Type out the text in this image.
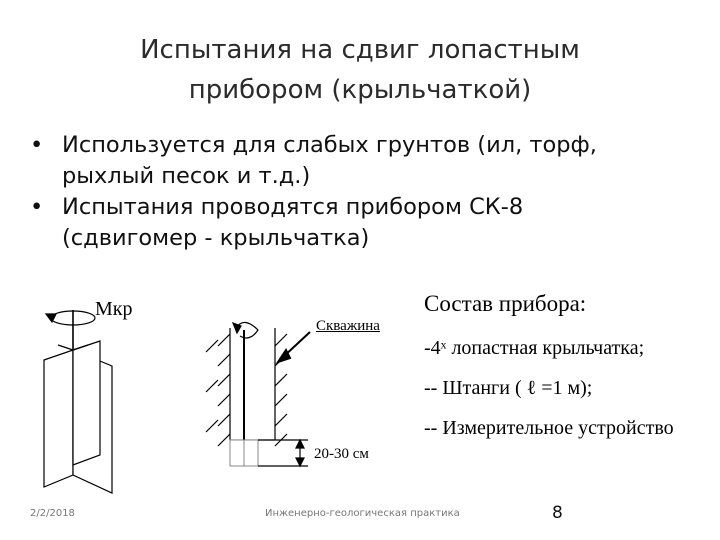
Испытания на сдвиг лопастным
прибором (крыльчаткой)
• Используется для слабых грунтов (ил, торф,
рыхлый песок и т.д.)
• Испытания проводятся прибором СК-8
(сдвигомер - крыльчатка)
Мкр
Скважина
20-30 см
Состав прибора:
-4ˣ лопастная крыльчатка;
-- Штанги ( ℓ =1 м);
-- Измерительное устройство
2/2/2018	Инженерно-геологическая практика	8
